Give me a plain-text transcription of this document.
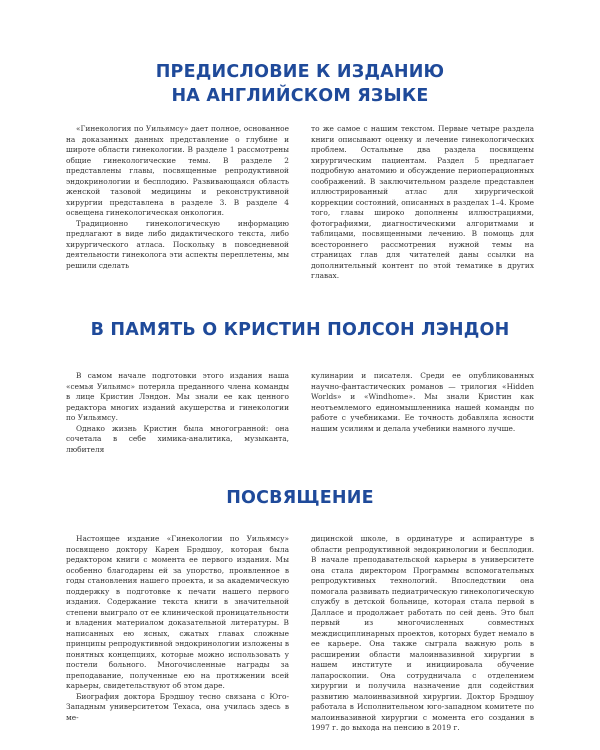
ПРЕДИСЛОВИЕ К ИЗДАНИЮ
НА АНГЛИЙСКОМ ЯЗЫКЕ

«Гинекология по Уильямсу» дает полное, основанное на доказанных данных представление о глубине и широте области гинекологии. В разделе 1 рассмотрены общие гинекологические темы. В разделе 2 представлены главы, посвященные репродуктивной эндокринологии и бесплодию. Развивающаяся область женской тазовой медицины и реконструктивной хирургии представлена в разделе 3. В разделе 4 освещена гинекологическая онкология.

Традиционно гинекологическую информацию предлагают в виде либо дидактического текста, либо хирургического атласа. Поскольку в повседневной деятельности гинеколога эти аспекты переплетены, мы решили сделать

то же самое с нашим текстом. Первые четыре раздела книги описывают оценку и лечение гинекологических проблем. Остальные два раздела посвящены хирургическим пациентам. Раздел 5 предлагает подробную анатомию и обсуждение периоперационных соображений. В заключительном разделе представлен иллюстрированный атлас для хирургической коррекции состояний, описанных в разделах 1–4. Кроме того, главы широко дополнены иллюстрациями, фотографиями, диагностическими алгоритмами и таблицами, посвященными лечению. В помощь для всестороннего рассмотрения нужной темы на страницах глав для читателей даны ссылки на дополнительный контент по этой тематике в других главах.

В ПАМЯТЬ О КРИСТИН ПОЛСОН ЛЭНДОН

В самом начале подготовки этого издания наша «семья Уильямс» потеряла преданного члена команды в лице Кристин Лэндон. Мы знали ее как ценного редактора многих изданий акушерства и гинекологии по Уильямсу.

Однако жизнь Кристин была многогранной: она сочетала в себе химика-аналитика, музыканта, любителя

кулинарии и писателя. Среди ее опубликованных научно-фантастических романов — трилогия «Hidden Worlds» и «Windhome». Мы знали Кристин как неотъемлемого единомышленника нашей команды по работе с учебниками. Ее точность добавляла ясности нашим усилиям и делала учебники намного лучше.

ПОСВЯЩЕНИЕ

Настоящее издание «Гинекологии по Уильямсу» посвящено доктору Карен Брэдшоу, которая была редактором книги с момента ее первого издания. Мы особенно благодарны ей за упорство, проявленное в годы становления нашего проекта, и за академическую поддержку в подготовке к печати нашего первого издания. Содержание текста книги в значительной степени выиграло от ее клинической проницательности и владения материалом доказательной литературы. В написанных ею ясных, сжатых главах сложные принципы репродуктивной эндокринологии изложены в понятных концепциях, которые можно использовать у постели больного. Многочисленные награды за преподавание, полученные ею на протяжении всей карьеры, свидетельствуют об этом даре.

Биография доктора Брэдшоу тесно связана с Юго-Западным университетом Техаса, она училась здесь в ме-

дицинской школе, в ординатуре и аспирантуре в области репродуктивной эндокринологии и бесплодия. В начале преподавательской карьеры в университете она стала директором Программы вспомогательных репродуктивных технологий. Впоследствии она помогала развивать педиатрическую гинекологическую службу в детской больнице, которая стала первой в Далласе и продолжает работать по сей день. Это был первый из многочисленных совместных междисциплинарных проектов, которых будет немало в ее карьере. Она также сыграла важную роль в расширении области малоинвазивной хирургии в нашем институте и инициировала обучение лапароскопии. Она сотрудничала с отделением хирургии и получила назначение для содействия развитию малоинвазивной хирургии. Доктор Брэдшоу работала в Исполнительном юго-западном комитете по малоинвазивной хирургии с момента его создания в 1997 г. до выхода на пенсию в 2019 г.
